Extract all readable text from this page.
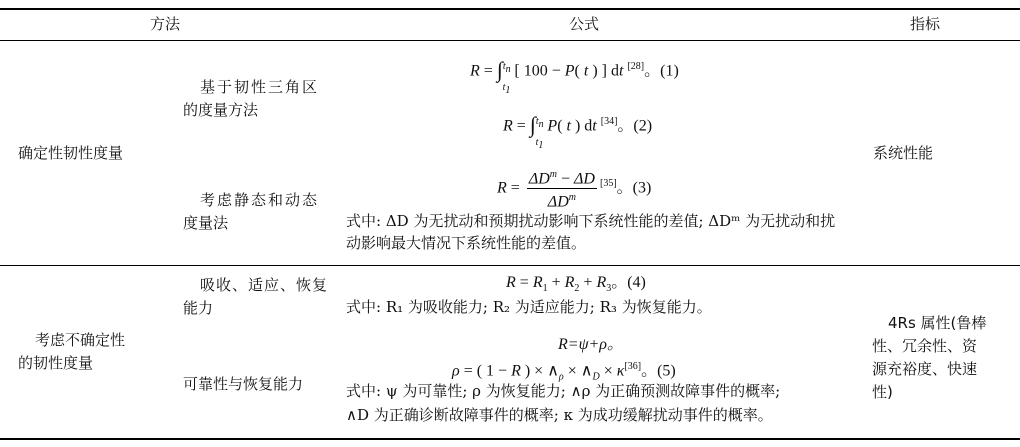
方法	公式	指标
确定性韧性度量
基于韧性三角区
的度量方法
考虑静态和动态
度量法
R = ∫$^{t_n}_{t_1}$ [ 100 − P( t ) ] dt [28]。(1)
R = ∫$^{t_n}_{t_1}$ P( t ) dt [34]。(2)
$R = \frac{\Delta D^m - \Delta D}{\Delta D^m} [35]$。(3)
式中: ΔD 为无扰动和预期扰动影响下系统性能的差值; ΔDᵐ 为无扰动和扰动影响最大情况下系统性能的差值。
系统性能
考虑不确定性
的韧性度量
吸收、适应、恢复
能力
可靠性与恢复能力
$R = R_1 + R_2 + R_3$。(4)
式中: R₁ 为吸收能力; R₂ 为适应能力; R₃ 为恢复能力。
R=ψ+ρ。
ρ = ( 1 − R ) × $\wedge_\rho$ × $\wedge_D \times \kappa[36]$。(5)
式中: ψ 为可靠性; ρ 为恢复能力; ∧ρ 为正确预测故障事件的概率;
∧D 为正确诊断故障事件的概率; κ 为成功缓解扰动事件的概率。
4Rs 属性(鲁棒性、冗余性、资源充裕度、快速性)
